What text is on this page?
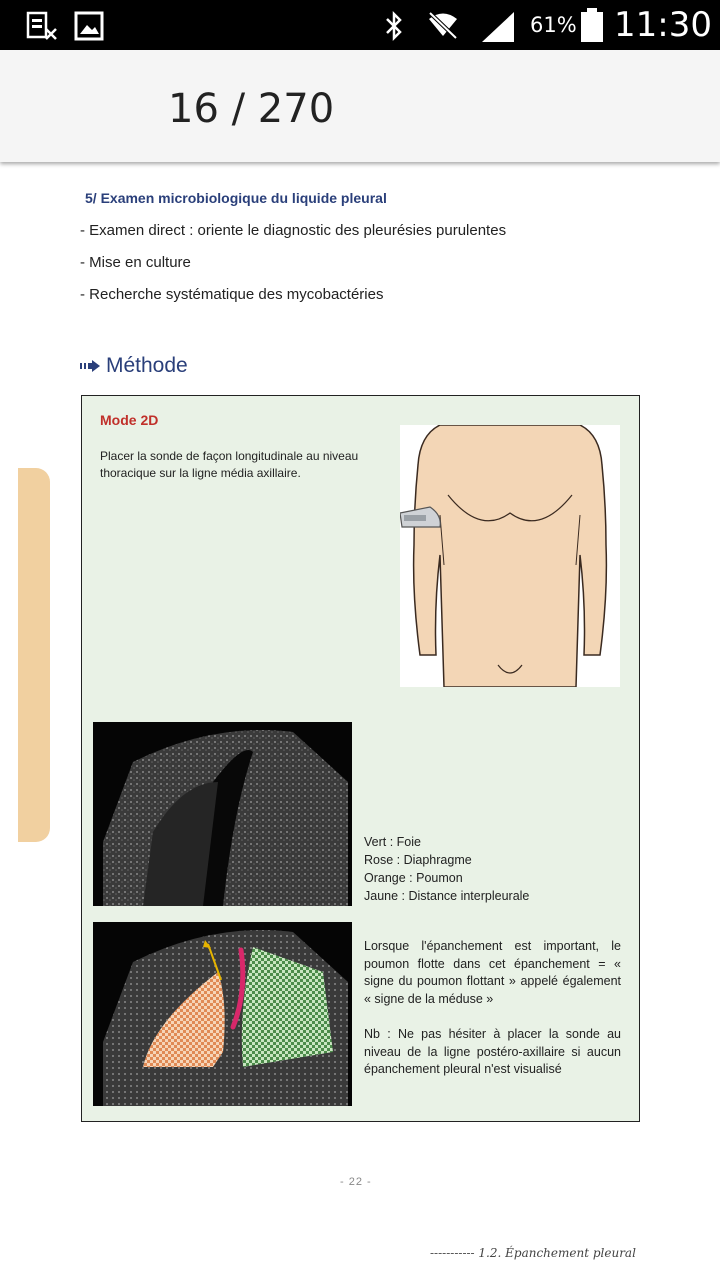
61% 11:30
16 / 270
5/ Examen microbiologique du liquide pleural
- Examen direct : oriente le diagnostic des pleurésies purulentes
- Mise en culture
- Recherche systématique des mycobactéries
Méthode
Mode 2D
Placer la sonde de façon longitudinale au niveau thoracique sur la ligne média axillaire.
Vert : Foie
Rose : Diaphragme
Orange : Poumon
Jaune : Distance interpleurale
Lorsque l'épanchement est important, le poumon flotte dans cet épanchement = « signe du poumon flottant » appelé également « signe de la méduse »
Nb : Ne pas hésiter à placer la sonde au niveau de la ligne postéro-axillaire si aucun épanchement pleural n'est visualisé
- 22 -
----------- 1.2. Épanchement pleural
